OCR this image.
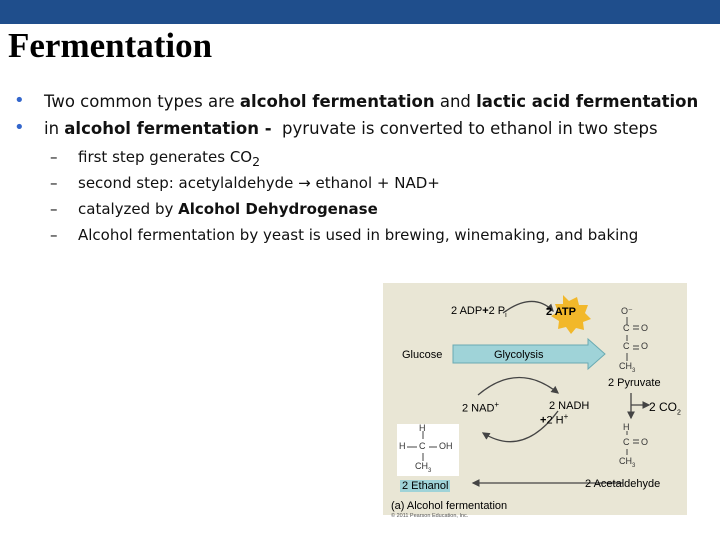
Fermentation
• Two common types are alcohol fermentation and lactic acid fermentation
• in alcohol fermentation -  pyruvate is converted to ethanol in two steps
– first step generates $CO_2$
– second step: acetylaldehyde → ethanol + NAD+
– catalyzed by Alcohol Dehydrogenase
– Alcohol fermentation by yeast is used in brewing, winemaking, and baking
2 ADP+2 $P_i$	2 ATP
Glucose	Glycolysis
2 Pyruvate
2 NAD+	2 NADH
+2 H+
2 $CO_2$
2 Ethanol	2 Acetaldehyde
(a) Alcohol fermentation
© 2011 Pearson Education, Inc.
O⁻
C O
C O
$CH_3$
H
C O
$CH_3$
H
H C OH
$CH_3$
